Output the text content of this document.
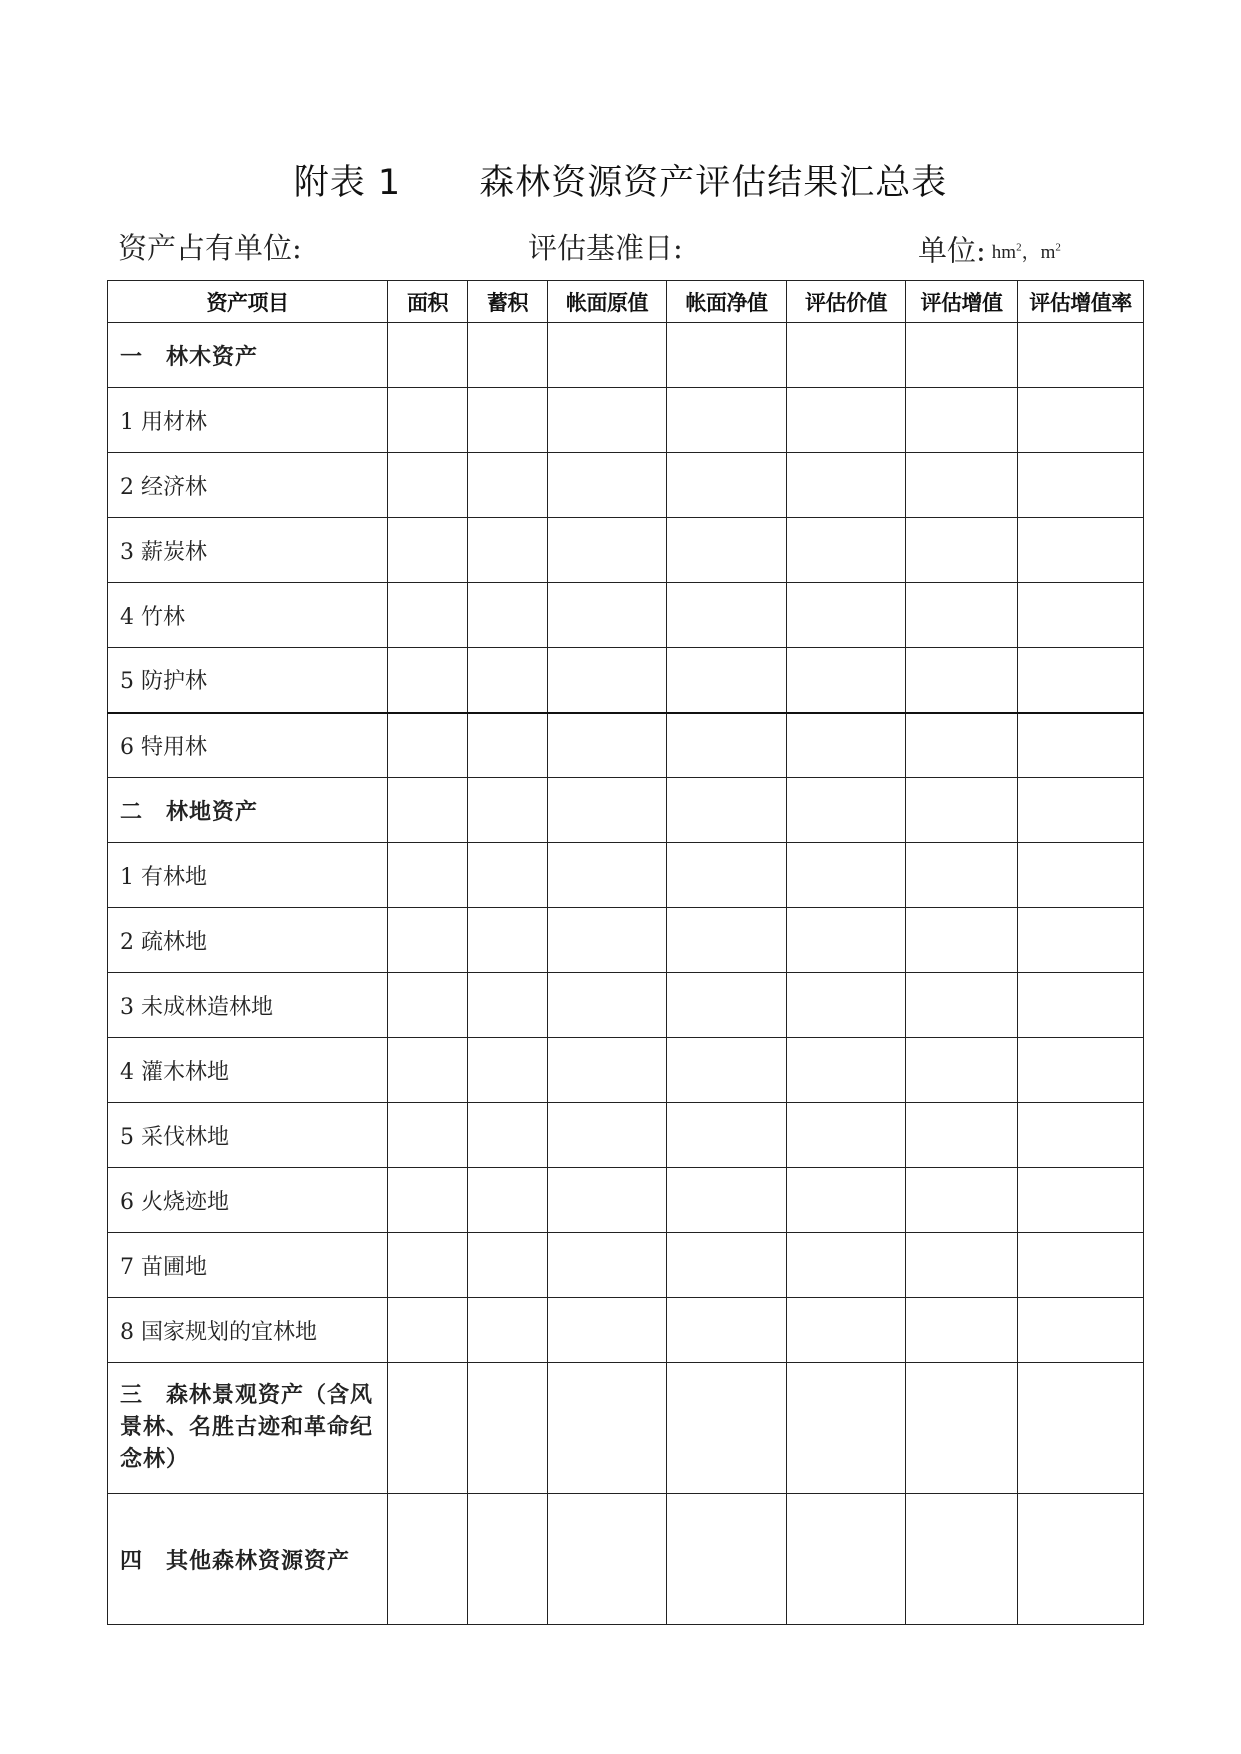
附表 1 森林资源资产评估结果汇总表
资产占有单位:	评估基准日:	单位: $hm^2$，$m^2$
资产项目	面积	蓄积	帐面原值	帐面净值	评估价值	评估增值	评估增值率
一　林木资产							
1 用材林							
2 经济林							
3 薪炭林							
4 竹林							
5 防护林							
6 特用林							
二　林地资产							
1 有林地							
2 疏林地							
3 未成林造林地							
4 灌木林地							
5 采伐林地							
6 火烧迹地							
7 苗圃地							
8 国家规划的宜林地							
三　森林景观资产（含风景林、名胜古迹和革命纪念林）							
四　其他森林资源资产							
